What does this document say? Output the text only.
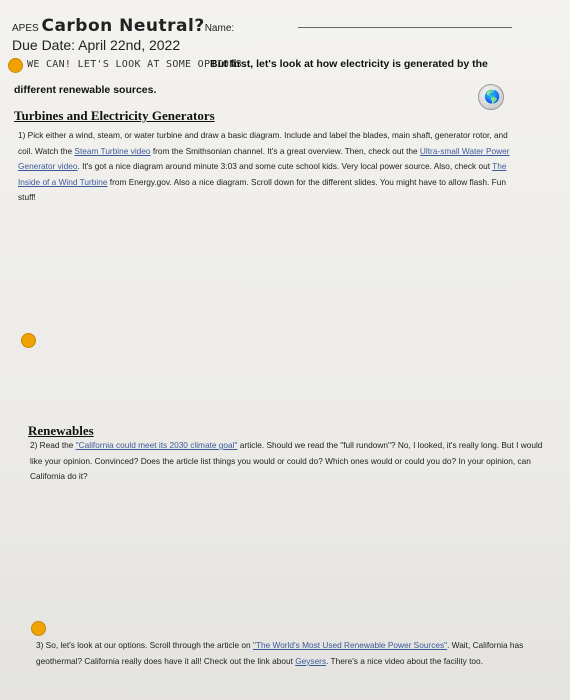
APES Carbon Neutral?Name:
Due Date: April 22nd, 2022
WE CAN! LET'S LOOK AT SOME OPTIONS...
But first, let's look at how electricity is generated by the
different renewable sources.	🌎
Turbines and Electricity Generators
1) Pick either a wind, steam, or water turbine and draw a basic diagram. Include and label the blades, main shaft, generator rotor, and coil. Watch the Steam Turbine video from the Smithsonian channel. It's a great overview. Then, check out the Ultra-small Water Power Generator video. It's got a nice diagram around minute 3:03 and some cute school kids. Very local power source. Also, check out The Inside of a Wind Turbine from Energy.gov. Also a nice diagram. Scroll down for the different slides. You might have to allow flash. Fun stuff!
Renewables
2) Read the "California could meet its 2030 climate goal" article. Should we read the "full rundown"? No, I looked, it's really long. But I would like your opinion. Convinced? Does the article list things you would or could do? Which ones would or could you do? In your opinion, can California do it?
3) So, let's look at our options. Scroll through the article on "The World's Most Used Renewable Power Sources". Wait, California has geothermal? California really does have it all! Check out the link about Geysers. There's a nice video about the facility too.
